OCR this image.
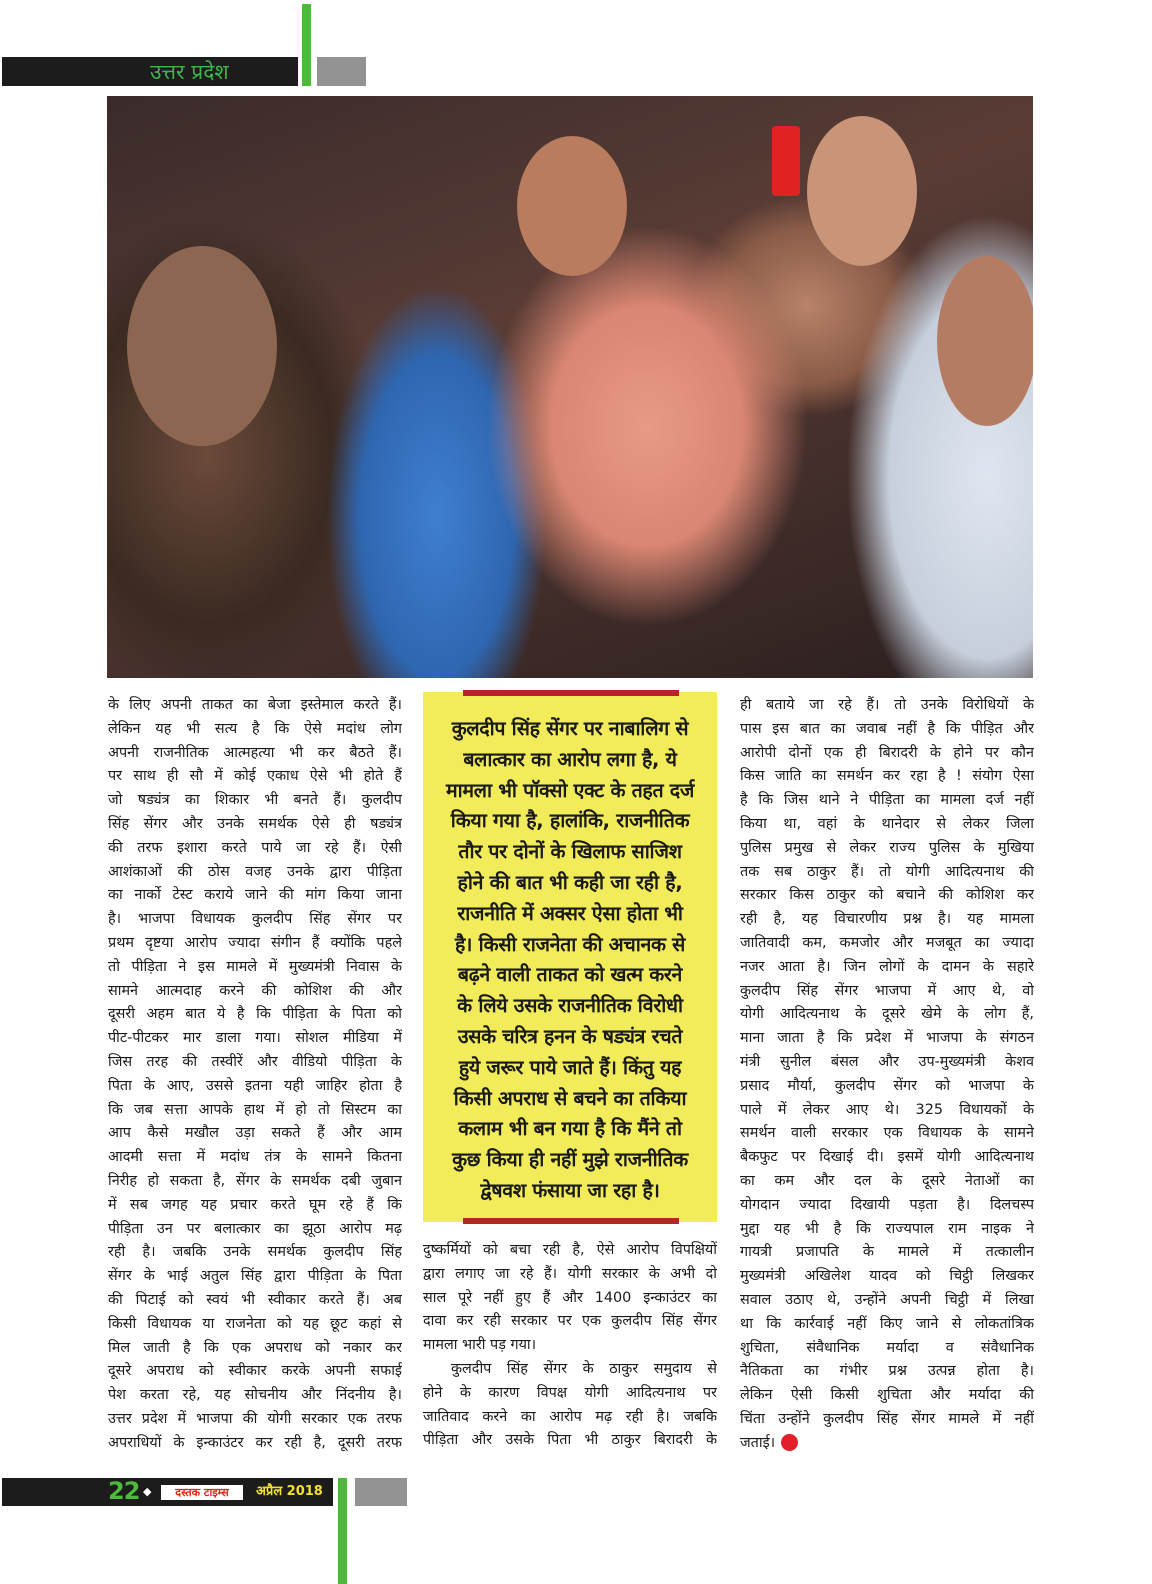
उत्तर प्रदेश
के लिए अपनी ताकत का बेजा इस्तेमाल करते हैं।
लेकिन यह भी सत्य है कि ऐसे मदांध लोग
अपनी राजनीतिक आत्महत्या भी कर बैठते हैं।
पर साथ ही सौ में कोई एकाध ऐसे भी होते हैं
जो षड्यंत्र का शिकार भी बनते हैं। कुलदीप
सिंह सेंगर और उनके समर्थक ऐसे ही षड्यंत्र
की तरफ इशारा करते पाये जा रहे हैं। ऐसी
आशंकाओं की ठोस वजह उनके द्वारा पीड़िता
का नार्को टेस्ट कराये जाने की मांग किया जाना
है। भाजपा विधायक कुलदीप सिंह सेंगर पर
प्रथम दृष्टया आरोप ज्यादा संगीन हैं क्योंकि पहले
तो पीड़िता ने इस मामले में मुख्यमंत्री निवास के
सामने आत्मदाह करने की कोशिश की और
दूसरी अहम बात ये है कि पीड़िता के पिता को
पीट-पीटकर मार डाला गया। सोशल मीडिया में
जिस तरह की तस्वीरें और वीडियो पीड़िता के
पिता के आए, उससे इतना यही जाहिर होता है
कि जब सत्ता आपके हाथ में हो तो सिस्टम का
आप कैसे मखौल उड़ा सकते हैं और आम
आदमी सत्ता में मदांध तंत्र के सामने कितना
निरीह हो सकता है, सेंगर के समर्थक दबी जुबान
में सब जगह यह प्रचार करते घूम रहे हैं कि
पीड़िता उन पर बलात्कार का झूठा आरोप मढ़
रही है। जबकि उनके समर्थक कुलदीप सिंह
सेंगर के भाई अतुल सिंह द्वारा पीड़िता के पिता
की पिटाई को स्वयं भी स्वीकार करते हैं। अब
किसी विधायक या राजनेता को यह छूट कहां से
मिल जाती है कि एक अपराध को नकार कर
दूसरे अपराध को स्वीकार करके अपनी सफाई
पेश करता रहे, यह सोचनीय और निंदनीय है।
उत्तर प्रदेश में भाजपा की योगी सरकार एक तरफ
अपराधियों के इन्काउंटर कर रही है, दूसरी तरफ
कुलदीप सिंह सेंगर पर नाबालिग से
बलात्कार का आरोप लगा है, ये
मामला भी पॉक्सो एक्ट के तहत दर्ज
किया गया है, हालांकि, राजनीतिक
तौर पर दोनों के खिलाफ साजिश
होने की बात भी कही जा रही है,
राजनीति में अक्सर ऐसा होता भी
है। किसी राजनेता की अचानक से
बढ़ने वाली ताकत को खत्म करने
के लिये उसके राजनीतिक विरोधी
उसके चरित्र हनन के षड्यंत्र रचते
हुये जरूर पाये जाते हैं। किंतु यह
किसी अपराध से बचने का तकिया
कलाम भी बन गया है कि मैंने तो
कुछ किया ही नहीं मुझे राजनीतिक
द्वेषवश फंसाया जा रहा है।
दुष्कर्मियों को बचा रही है, ऐसे आरोप विपक्षियों
द्वारा लगाए जा रहे हैं। योगी सरकार के अभी दो
साल पूरे नहीं हुए हैं और 1400 इन्काउंटर का
दावा कर रही सरकार पर एक कुलदीप सिंह सेंगर
मामला भारी पड़ गया।
कुलदीप सिंह सेंगर के ठाकुर समुदाय से
होने के कारण विपक्ष योगी आदित्यनाथ पर
जातिवाद करने का आरोप मढ़ रही है। जबकि
पीड़िता और उसके पिता भी ठाकुर बिरादरी के
ही बताये जा रहे हैं। तो उनके विरोधियों के
पास इस बात का जवाब नहीं है कि पीड़ित और
आरोपी दोनों एक ही बिरादरी के होने पर कौन
किस जाति का समर्थन कर रहा है ! संयोग ऐसा
है कि जिस थाने ने पीड़िता का मामला दर्ज नहीं
किया था, वहां के थानेदार से लेकर जिला
पुलिस प्रमुख से लेकर राज्य पुलिस के मुखिया
तक सब ठाकुर हैं। तो योगी आदित्यनाथ की
सरकार किस ठाकुर को बचाने की कोशिश कर
रही है, यह विचारणीय प्रश्न है। यह मामला
जातिवादी कम, कमजोर और मजबूत का ज्यादा
नजर आता है। जिन लोगों के दामन के सहारे
कुलदीप सिंह सेंगर भाजपा में आए थे, वो
योगी आदित्यनाथ के दूसरे खेमे के लोग हैं,
माना जाता है कि प्रदेश में भाजपा के संगठन
मंत्री सुनील बंसल और उप-मुख्यमंत्री केशव
प्रसाद मौर्या, कुलदीप सेंगर को भाजपा के
पाले में लेकर आए थे। 325 विधायकों के
समर्थन वाली सरकार एक विधायक के सामने
बैकफुट पर दिखाई दी। इसमें योगी आदित्यनाथ
का कम और दल के दूसरे नेताओं का
योगदान ज्यादा दिखायी पड़ता है। दिलचस्प
मुद्दा यह भी है कि राज्यपाल राम नाइक ने
गायत्री प्रजापति के मामले में तत्कालीन
मुख्यमंत्री अखिलेश यादव को चिट्ठी लिखकर
सवाल उठाए थे, उन्होंने अपनी चिट्ठी में लिखा
था कि कार्रवाई नहीं किए जाने से लोकतांत्रिक
शुचिता, संवैधानिक मर्यादा व संवैधानिक
नैतिकता का गंभीर प्रश्न उत्पन्न होता है।
लेकिन ऐसी किसी शुचिता और मर्यादा की
चिंता उन्होंने कुलदीप सिंह सेंगर मामले में नहीं
जताई।
22 ◆	दस्तक टाइम्स	अप्रैल 2018
